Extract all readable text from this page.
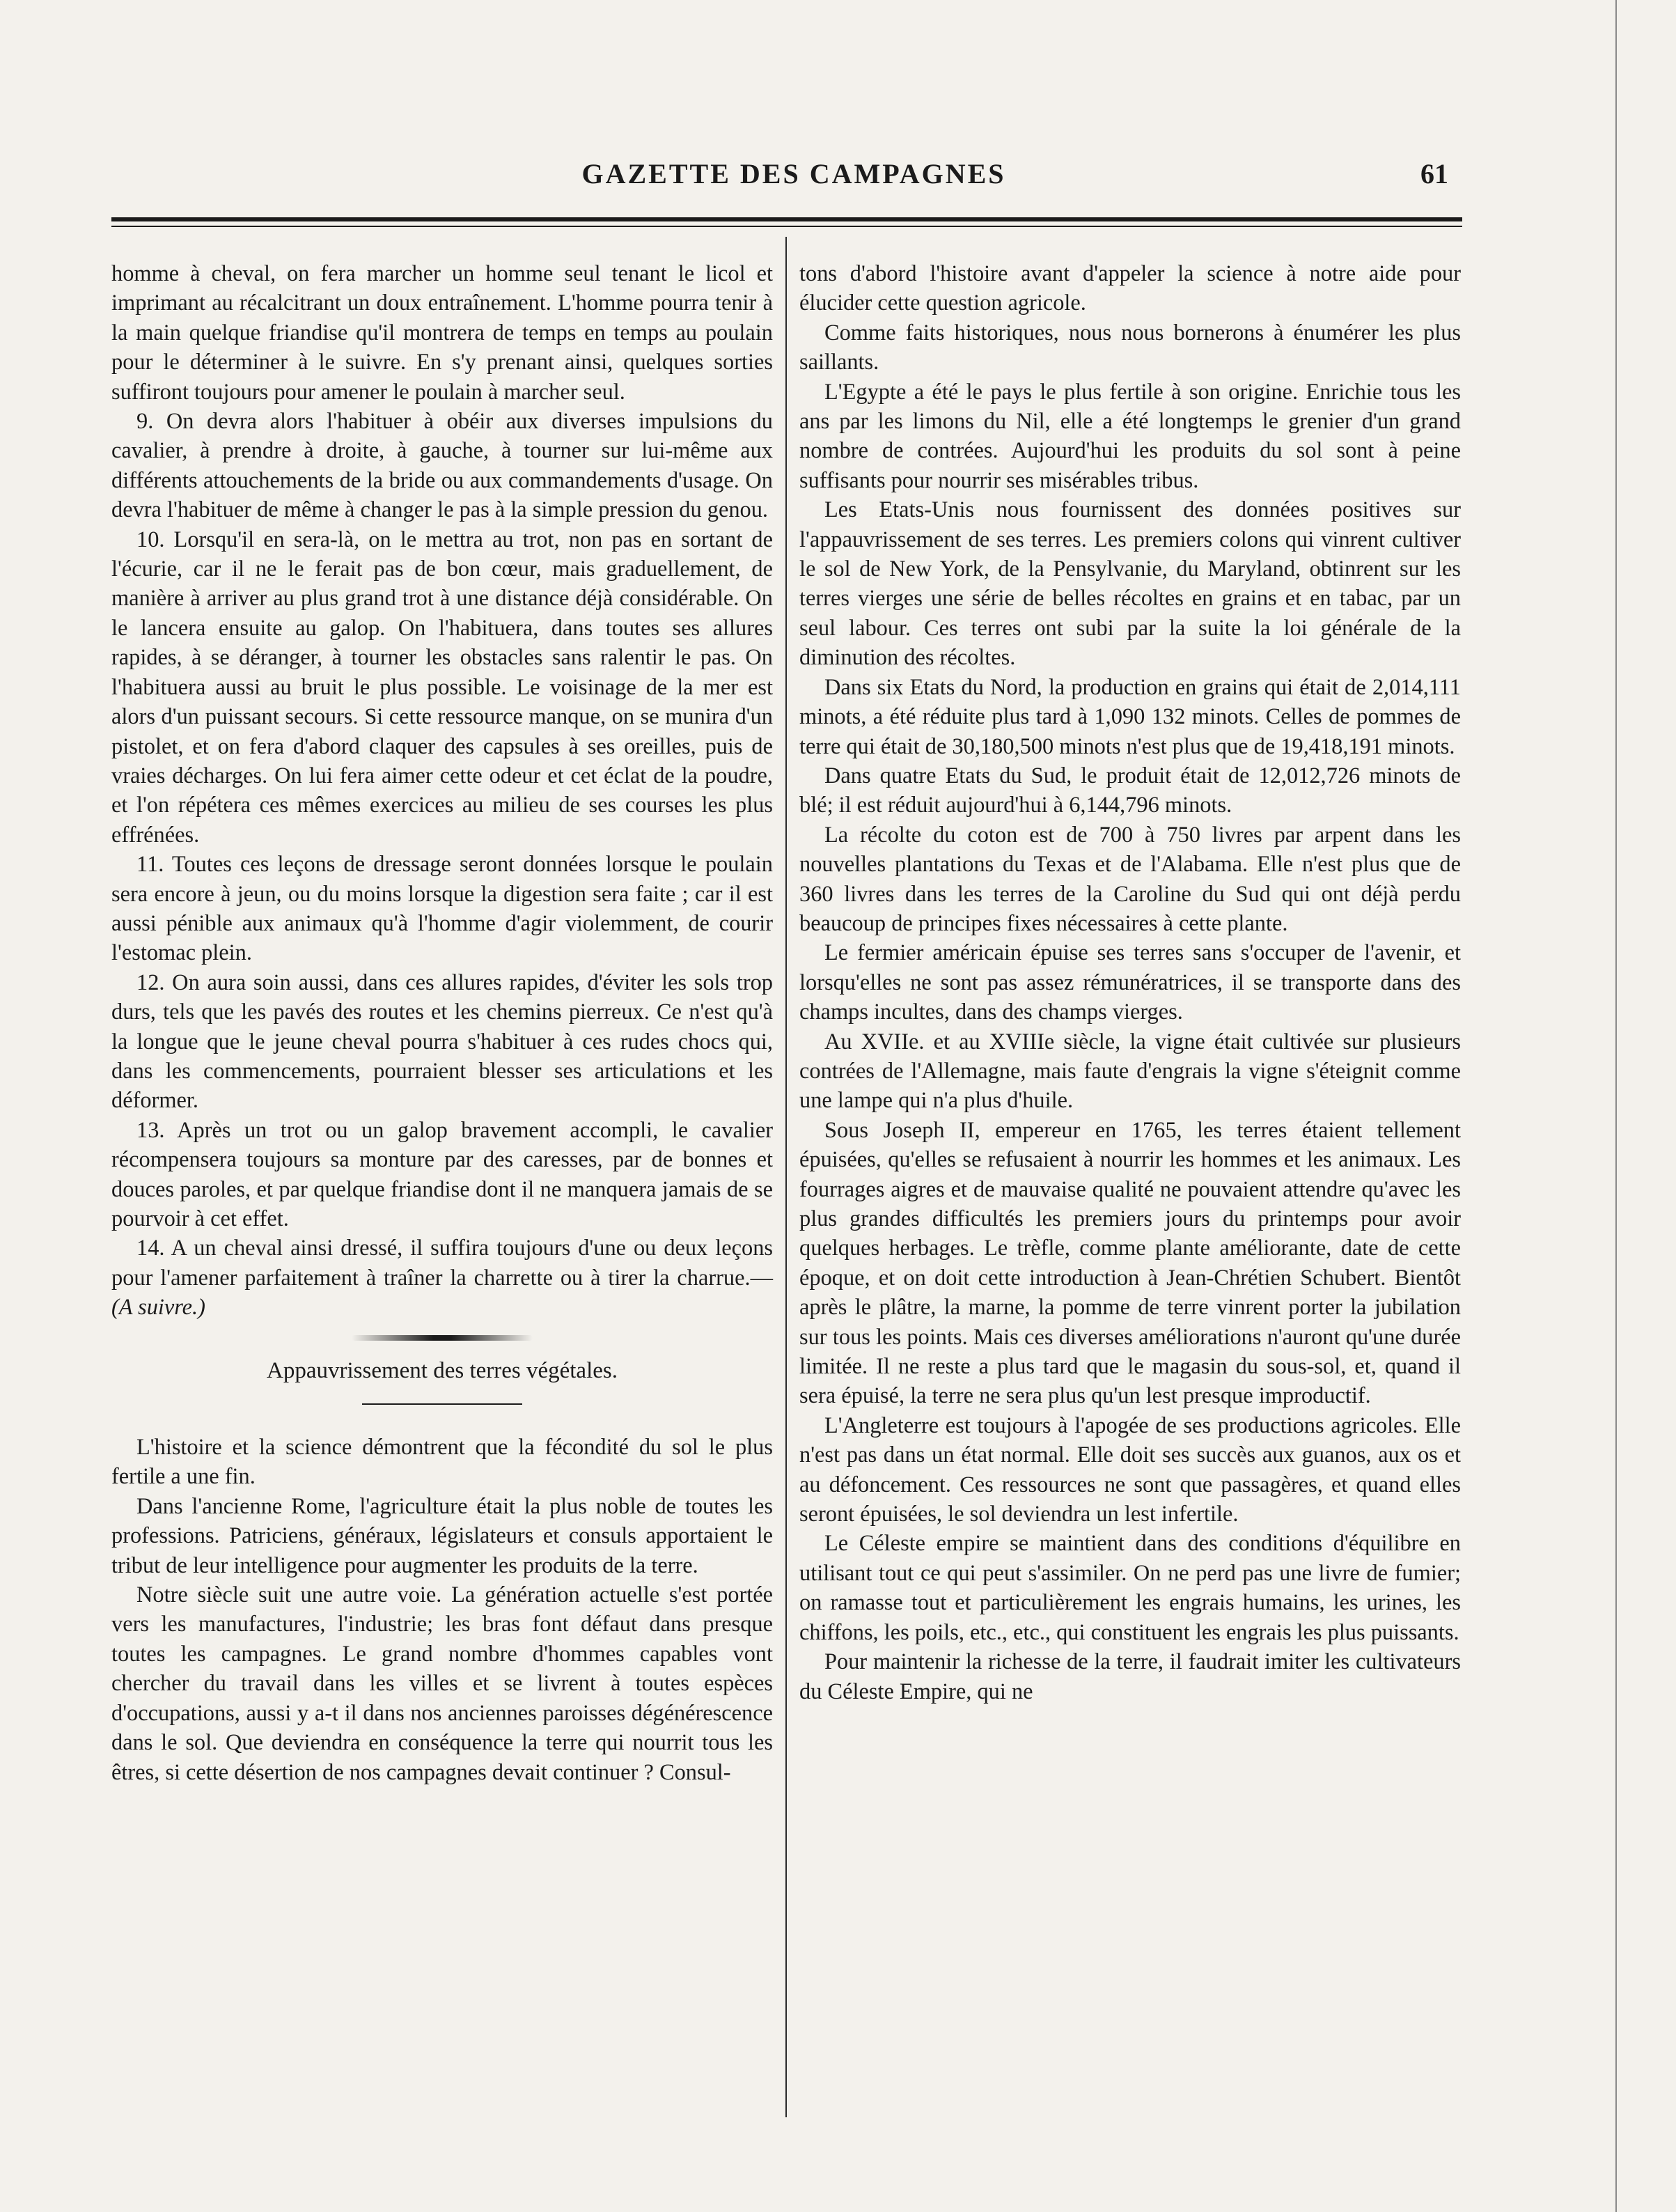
GAZETTE DES CAMPAGNES	61

homme à cheval, on fera marcher un homme seul tenant le licol et imprimant au récalcitrant un doux entraînement. L'homme pourra tenir à la main quelque friandise qu'il montrera de temps en temps au poulain pour le déterminer à le suivre. En s'y prenant ainsi, quelques sorties suffiront toujours pour amener le poulain à marcher seul.

9. On devra alors l'habituer à obéir aux diverses impulsions du cavalier, à prendre à droite, à gauche, à tourner sur lui-même aux différents attouchements de la bride ou aux commandements d'usage. On devra l'habituer de même à changer le pas à la simple pression du genou.

10. Lorsqu'il en sera-là, on le mettra au trot, non pas en sortant de l'écurie, car il ne le ferait pas de bon cœur, mais graduellement, de manière à arriver au plus grand trot à une distance déjà considérable. On le lancera ensuite au galop. On l'habituera, dans toutes ses allures rapides, à se déranger, à tourner les obstacles sans ralentir le pas. On l'habituera aussi au bruit le plus possible. Le voisinage de la mer est alors d'un puissant secours. Si cette ressource manque, on se munira d'un pistolet, et on fera d'abord claquer des capsules à ses oreilles, puis de vraies décharges. On lui fera aimer cette odeur et cet éclat de la poudre, et l'on répétera ces mêmes exercices au milieu de ses courses les plus effrénées.

11. Toutes ces leçons de dressage seront données lorsque le poulain sera encore à jeun, ou du moins lorsque la digestion sera faite ; car il est aussi pénible aux animaux qu'à l'homme d'agir violemment, de courir l'estomac plein.

12. On aura soin aussi, dans ces allures rapides, d'éviter les sols trop durs, tels que les pavés des routes et les chemins pierreux. Ce n'est qu'à la longue que le jeune cheval pourra s'habituer à ces rudes chocs qui, dans les commencements, pourraient blesser ses articulations et les déformer.

13. Après un trot ou un galop bravement accompli, le cavalier récompensera toujours sa monture par des caresses, par de bonnes et douces paroles, et par quelque friandise dont il ne manquera jamais de se pourvoir à cet effet.

14. A un cheval ainsi dressé, il suffira toujours d'une ou deux leçons pour l'amener parfaitement à traîner la charrette ou à tirer la charrue.—(A suivre.)

Appauvrissement des terres végétales.

L'histoire et la science démontrent que la fécondité du sol le plus fertile a une fin.

Dans l'ancienne Rome, l'agriculture était la plus noble de toutes les professions. Patriciens, généraux, législateurs et consuls apportaient le tribut de leur intelligence pour augmenter les produits de la terre.

Notre siècle suit une autre voie. La génération actuelle s'est portée vers les manufactures, l'industrie; les bras font défaut dans presque toutes les campagnes. Le grand nombre d'hommes capables vont chercher du travail dans les villes et se livrent à toutes espèces d'occupations, aussi y a-t il dans nos anciennes paroisses dégénérescence dans le sol. Que deviendra en conséquence la terre qui nourrit tous les êtres, si cette désertion de nos campagnes devait continuer ? Consul-

tons d'abord l'histoire avant d'appeler la science à notre aide pour élucider cette question agricole.

Comme faits historiques, nous nous bornerons à énumérer les plus saillants.

L'Egypte a été le pays le plus fertile à son origine. Enrichie tous les ans par les limons du Nil, elle a été longtemps le grenier d'un grand nombre de contrées. Aujourd'hui les produits du sol sont à peine suffisants pour nourrir ses misérables tribus.

Les Etats-Unis nous fournissent des données positives sur l'appauvrissement de ses terres. Les premiers colons qui vinrent cultiver le sol de New York, de la Pensylvanie, du Maryland, obtinrent sur les terres vierges une série de belles récoltes en grains et en tabac, par un seul labour. Ces terres ont subi par la suite la loi générale de la diminution des récoltes.

Dans six Etats du Nord, la production en grains qui était de 2,014,111 minots, a été réduite plus tard à 1,090 132 minots. Celles de pommes de terre qui était de 30,180,500 minots n'est plus que de 19,418,191 minots.

Dans quatre Etats du Sud, le produit était de 12,012,726 minots de blé; il est réduit aujourd'hui à 6,144,796 minots.

La récolte du coton est de 700 à 750 livres par arpent dans les nouvelles plantations du Texas et de l'Alabama. Elle n'est plus que de 360 livres dans les terres de la Caroline du Sud qui ont déjà perdu beaucoup de principes fixes nécessaires à cette plante.

Le fermier américain épuise ses terres sans s'occuper de l'avenir, et lorsqu'elles ne sont pas assez rémunératrices, il se transporte dans des champs incultes, dans des champs vierges.

Au XVIIe. et au XVIIIe siècle, la vigne était cultivée sur plusieurs contrées de l'Allemagne, mais faute d'engrais la vigne s'éteignit comme une lampe qui n'a plus d'huile.

Sous Joseph II, empereur en 1765, les terres étaient tellement épuisées, qu'elles se refusaient à nourrir les hommes et les animaux. Les fourrages aigres et de mauvaise qualité ne pouvaient attendre qu'avec les plus grandes difficultés les premiers jours du printemps pour avoir quelques herbages. Le trèfle, comme plante améliorante, date de cette époque, et on doit cette introduction à Jean-Chrétien Schubert. Bientôt après le plâtre, la marne, la pomme de terre vinrent porter la jubilation sur tous les points. Mais ces diverses améliorations n'auront qu'une durée limitée. Il ne reste a plus tard que le magasin du sous-sol, et, quand il sera épuisé, la terre ne sera plus qu'un lest presque improductif.

L'Angleterre est toujours à l'apogée de ses productions agricoles. Elle n'est pas dans un état normal. Elle doit ses succès aux guanos, aux os et au défoncement. Ces ressources ne sont que passagères, et quand elles seront épuisées, le sol deviendra un lest infertile.

Le Céleste empire se maintient dans des conditions d'équilibre en utilisant tout ce qui peut s'assimiler. On ne perd pas une livre de fumier; on ramasse tout et particulièrement les engrais humains, les urines, les chiffons, les poils, etc., etc., qui constituent les engrais les plus puissants.

Pour maintenir la richesse de la terre, il faudrait imiter les cultivateurs du Céleste Empire, qui ne
